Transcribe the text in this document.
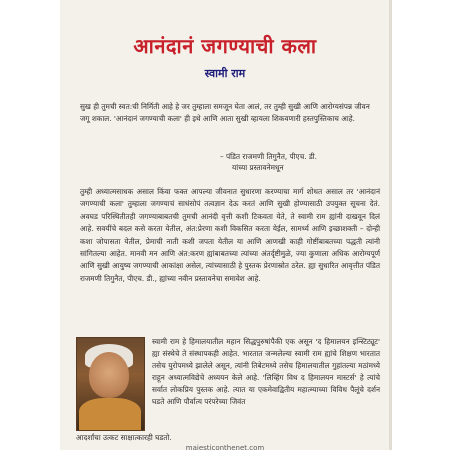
आनंदानं जगण्याची कला
स्वामी राम
सुख ही तुमची स्वत:ची निर्मिती आहे हे जर तुम्हाला समजून घेता आलं, तर तुम्ही सुखी आणि आरोग्यसंपन्न जीवन जगू शकाल. 'आनंदानं जगण्याची कला' ही इथे आणि आता सुखी व्हायला शिकवणारी हस्तपुस्तिकाच आहे.
– पंडित राजमणी तिगुनैत, पीएच. डी.
यांच्या प्रस्तावनेमधून
तुम्ही अध्यात्मसाधक असाल किंवा फक्त आपल्या जीवनात सुधारणा करण्याचा मार्ग शोधत असाल तर 'आनंदानं जगण्याची कला' तुम्हाला जगण्याचं साधंसोपं तत्वज्ञान देऊ करतं आणि सुखी होण्यासाठी उपयुक्त सूचना देतं. अवघड परिस्थितीतही जगण्याबाबतची तुमची आनंदी वृत्ती कशी टिकवता येते, ते स्वामी राम ह्यांनी दाखवून दिलं आहे. सवयींचे बदल कसे करता येतील, अंत:प्रेरणा कशी विकसित करता येईल, सामर्थ्य आणि इच्छाशक्ती – दोन्ही कशा जोपासता येतील, प्रेमाची नाती कशी जपता येतील या आणि आणखी काही गोष्टींबाबतच्या पद्धती त्यांनी सांगितल्या आहेत. मानवी मन आणि अंत:करण ह्यांबाबतच्या त्यांच्या अंतर्दृष्टीमुळे, ज्या कुणाला अधिक आरोग्यपूर्ण आणि सुखी आयुष्य जगण्याची आकांक्षा असेल, त्यांच्यासाठी हे पुस्तक प्रेरणास्रोत ठरेल. ह्या सुधारित आवृत्तीत पंडित राजमणी तिगुनैत, पीएच. डी., ह्यांच्या नवीन प्रस्तावनेचा समावेश आहे.
स्वामी राम हे हिमालयातील महान सिद्धपुरुषांपैकी एक असून 'द हिमालयन इन्स्टिट्यूट' ह्या संस्थेचे ते संस्थापकही आहेत. भारतात जन्मलेल्या स्वामी राम ह्यांचे शिक्षण भारतात तसेच युरोपमध्ये झालेले असून, त्यांनी तिबेटमध्ये तसेच हिमालयातील गुहांतल्या मठांमध्ये राहून अध्यात्मविद्येचे अध्ययन केले आहे. 'लिव्हिंग विथ द हिमालयन मास्टर्स' हे त्यांचे सर्वात लोकप्रिय पुस्तक आहे. त्यात या एकमेवाद्वितीय महात्म्याच्या विविध पैलूंचे दर्शन घडते आणि पौर्वात्य परंपरेच्या जिवंत
आदर्शांचा उत्कट साक्षात्कारही घडतो.
majesticonthenet.com
